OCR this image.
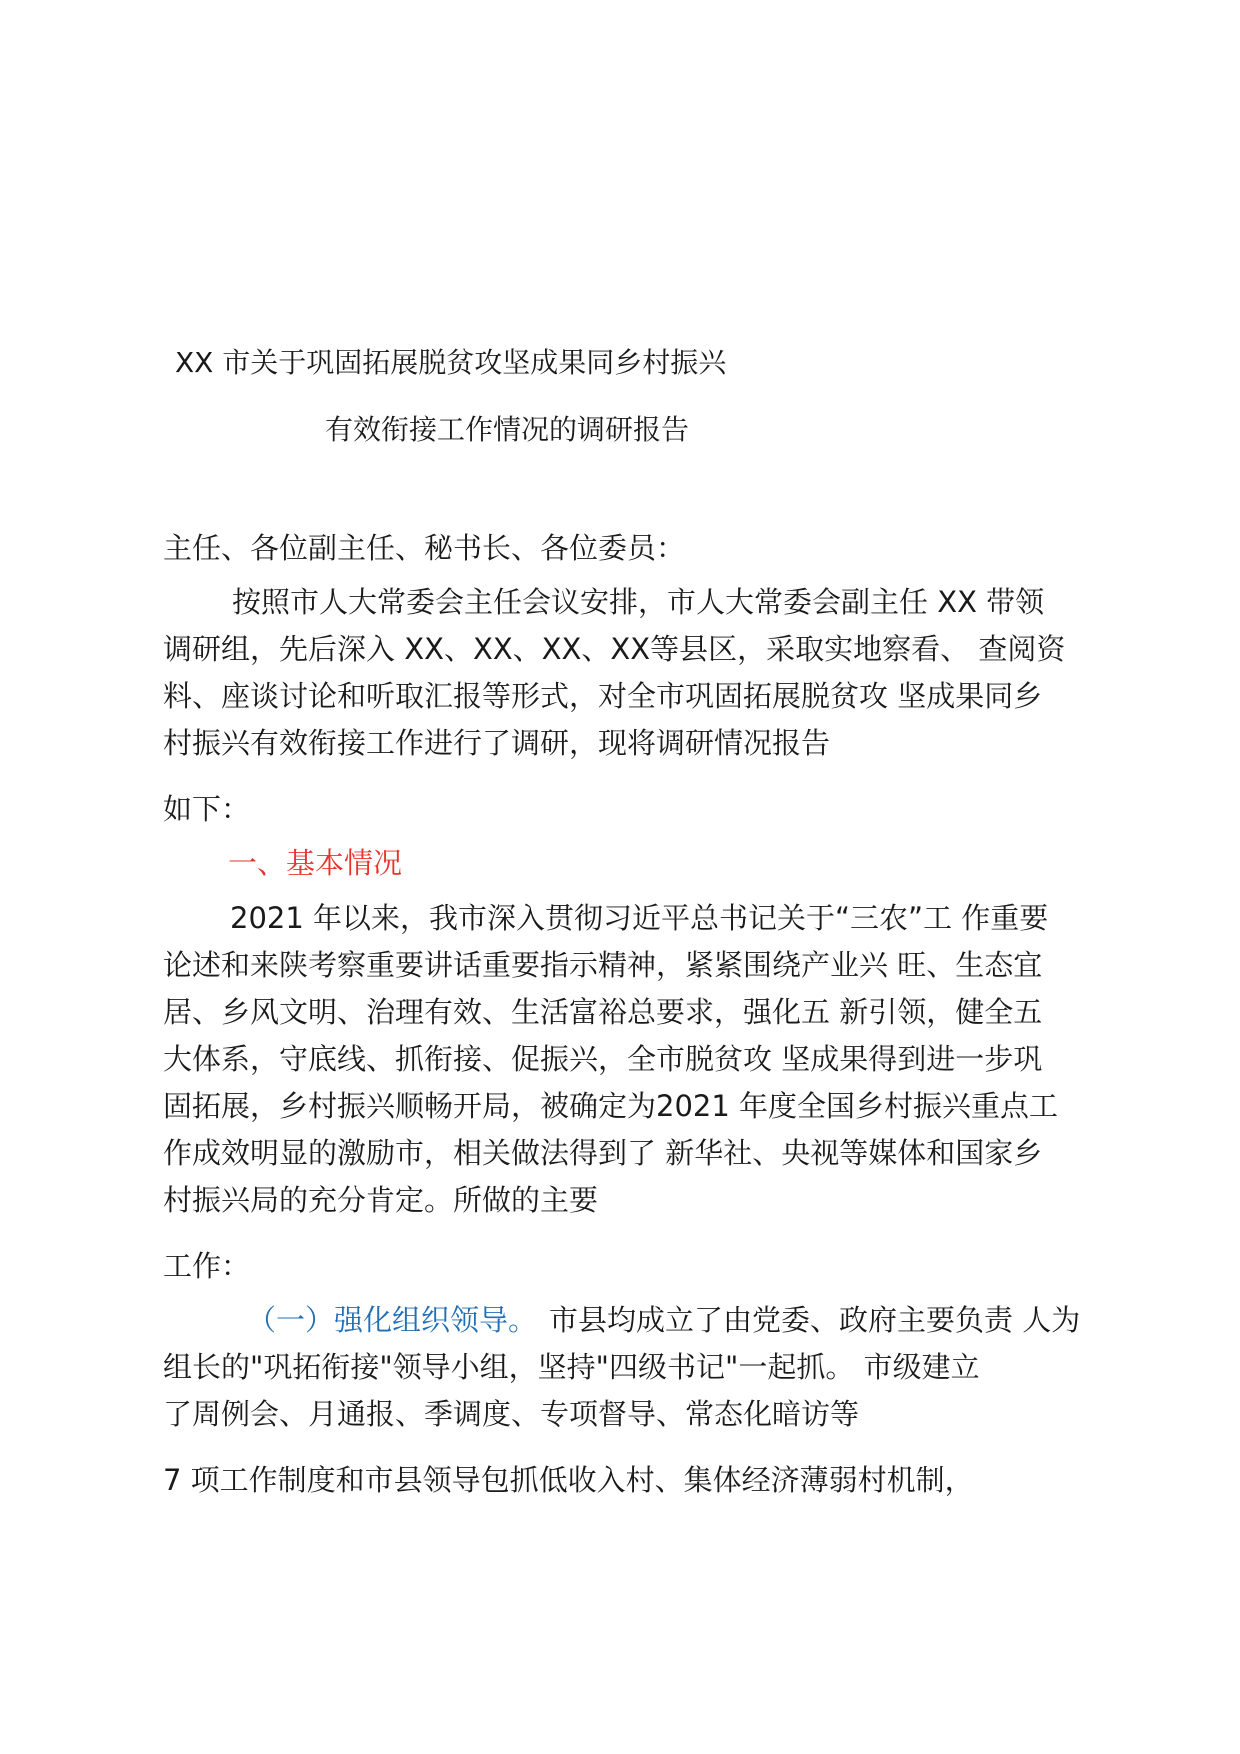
XX 市关于巩固拓展脱贫攻坚成果同乡村振兴
有效衔接工作情况的调研报告
主任、各位副主任、秘书长、各位委员：
按照市人大常委会主任会议安排，市人大常委会副主任 XX 带领
调研组，先后深入 XX、XX、XX、XX等县区，采取实地察看、 查阅资
料、座谈讨论和听取汇报等形式，对全市巩固拓展脱贫攻 坚成果同乡
村振兴有效衔接工作进行了调研，现将调研情况报告
如下：
一、基本情况
2021 年以来，我市深入贯彻习近平总书记关于“三农”工 作重要
论述和来陕考察重要讲话重要指示精神，紧紧围绕产业兴 旺、生态宜
居、乡风文明、治理有效、生活富裕总要求，强化五 新引领，健全五
大体系，守底线、抓衔接、促振兴，全市脱贫攻 坚成果得到进一步巩
固拓展，乡村振兴顺畅开局，被确定为2021 年度全国乡村振兴重点工
作成效明显的激励市，相关做法得到了 新华社、央视等媒体和国家乡
村振兴局的充分肯定。所做的主要
工作：
（一）强化组织领导。 市县均成立了由党委、政府主要负责 人为
组长的"巩拓衔接"领导小组，坚持"四级书记"一起抓。 市级建立
了周例会、月通报、季调度、专项督导、常态化暗访等
7 项工作制度和市县领导包抓低收入村、集体经济薄弱村机制，
